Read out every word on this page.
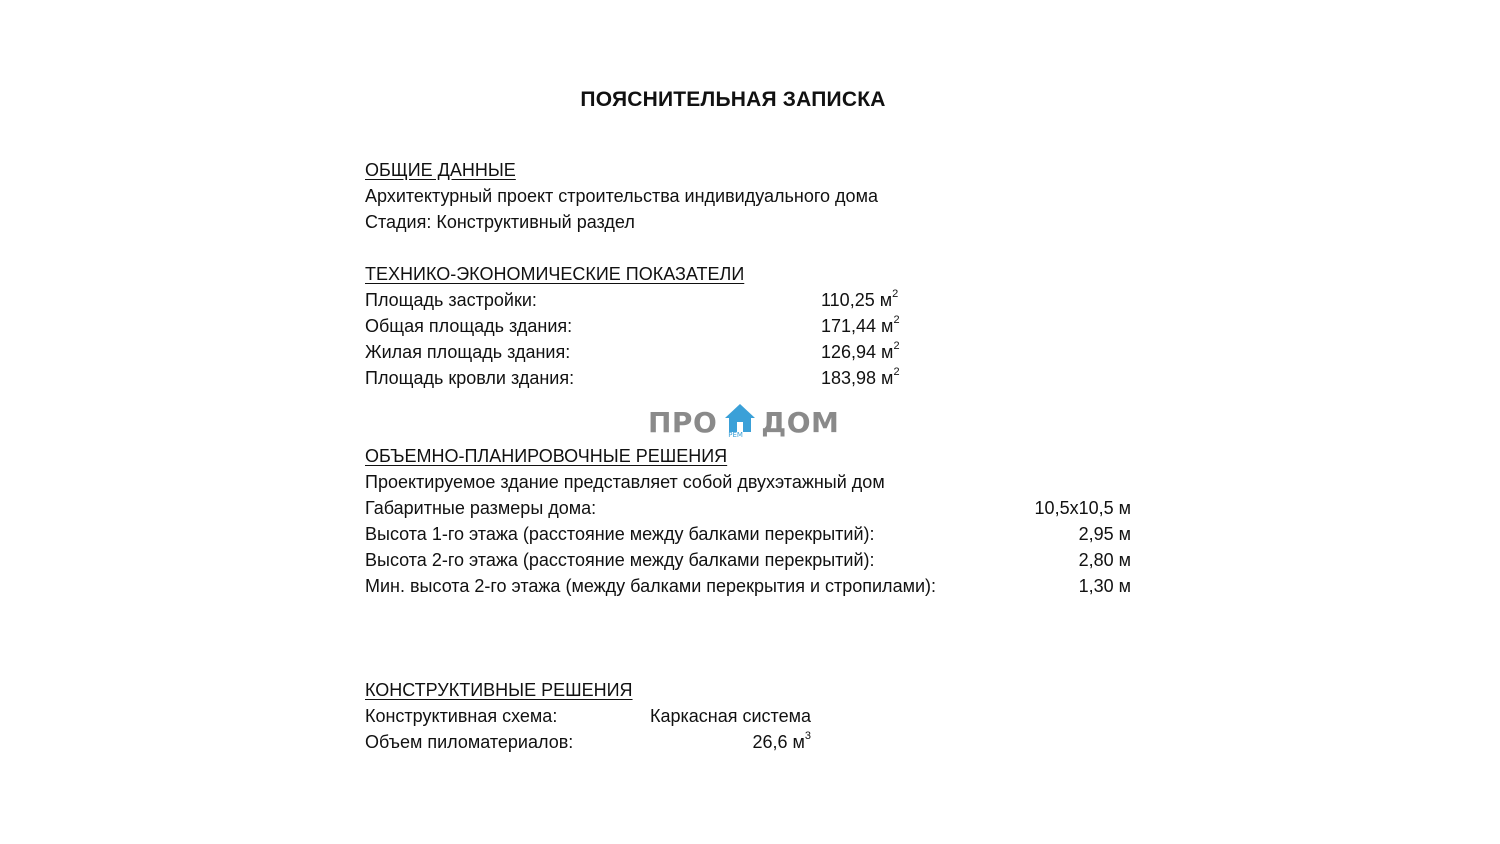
ПОЯСНИТЕЛЬНАЯ ЗАПИСКА
ОБЩИЕ ДАННЫЕ
Архитектурный проект строительства индивидуального дома
Стадия: Конструктивный раздел
ТЕХНИКО-ЭКОНОМИЧЕСКИЕ ПОКАЗАТЕЛИ
Площадь застройки:	110,25 $м^2$
Общая площадь здания:	171,44 $м^2$
Жилая площадь здания:	126,94 $м^2$
Площадь кровли здания:	183,98 $м^2$
ПРО РЕМ ДОМ
ОБЪЕМНО-ПЛАНИРОВОЧНЫЕ РЕШЕНИЯ
Проектируемое здание представляет собой двухэтажный дом
Габаритные размеры дома:	10,5x10,5 м
Высота 1-го этажа (расстояние между балками перекрытий):	2,95 м
Высота 2-го этажа (расстояние между балками перекрытий):	2,80 м
Мин. высота 2-го этажа (между балками перекрытия и стропилами):	1,30 м
КОНСТРУКТИВНЫЕ РЕШЕНИЯ
Конструктивная схема:	Каркасная система
Объем пиломатериалов:	26,6 $м^3$
